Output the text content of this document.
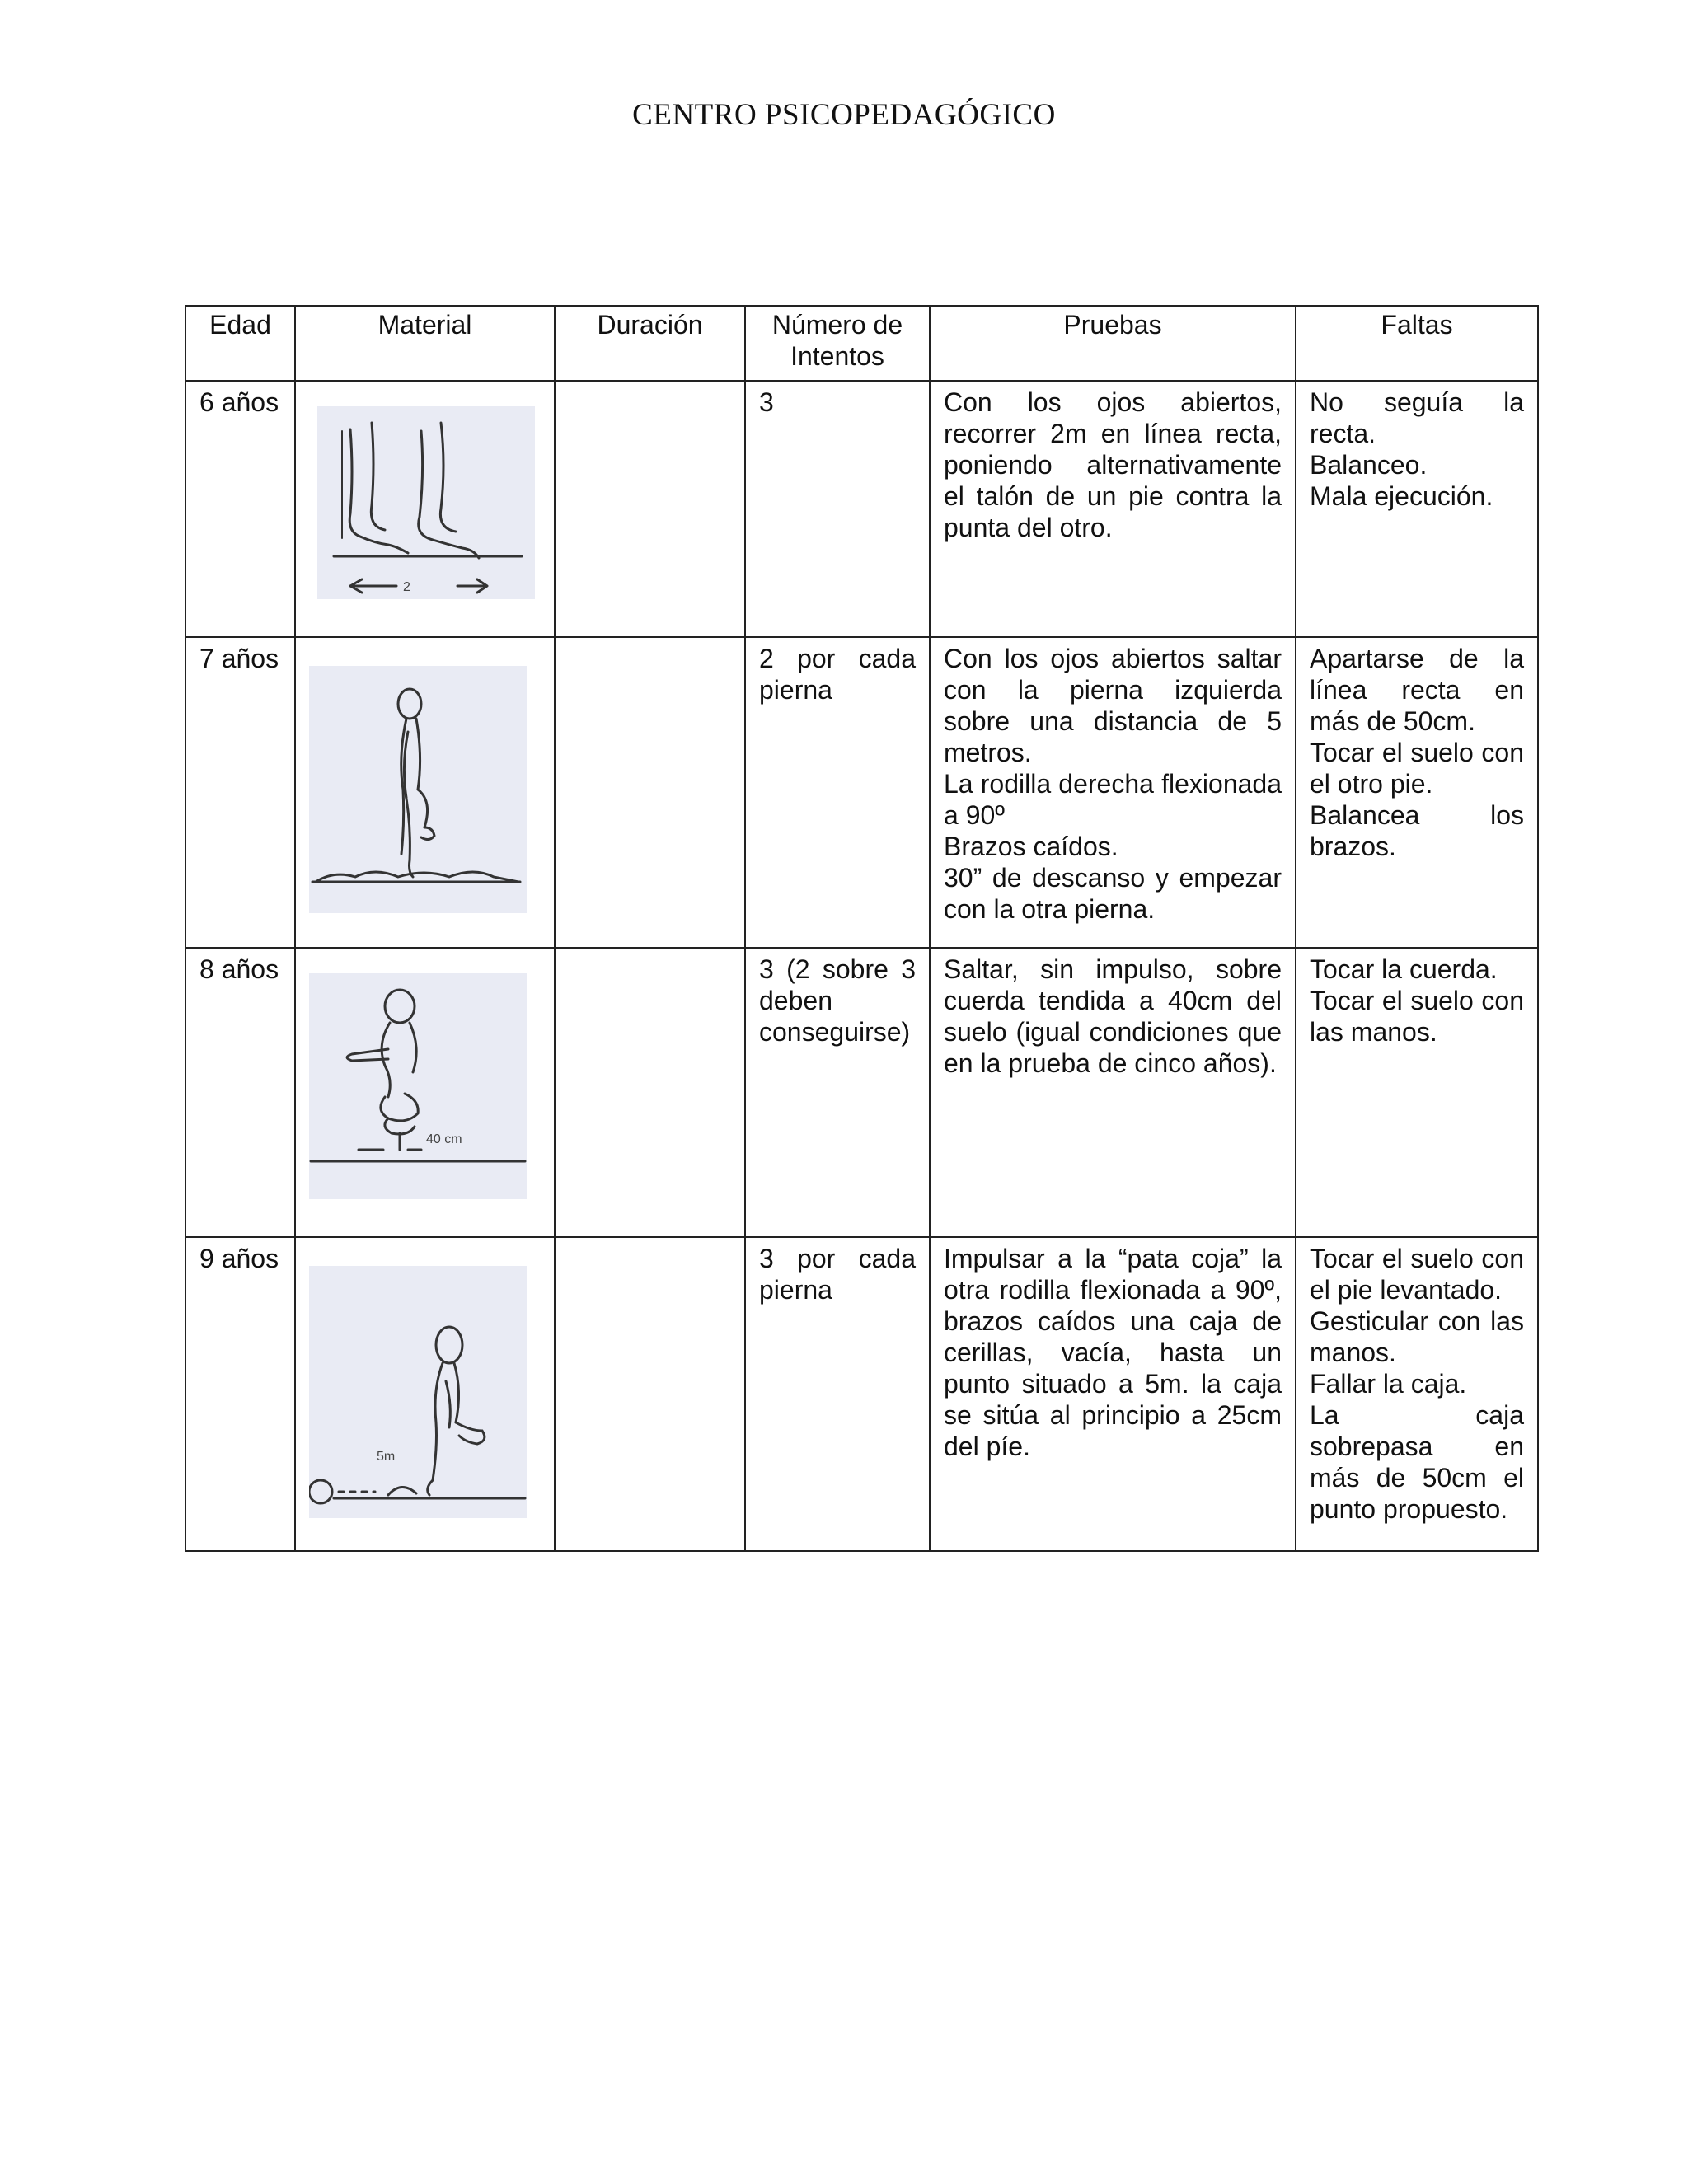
CENTRO PSICOPEDAGÓGICO
Edad	Material	Duración	Número de Intentos	Pruebas	Faltas
6 años	2		3	Con los ojos abiertos, recorrer 2m en línea recta, poniendo alternativamente el talón de un pie contra la punta del otro.	No seguía la recta.
Balanceo.
Mala ejecución.

7 años			2 por cada pierna	Con los ojos abiertos saltar con la pierna izquierda sobre una distancia de 5 metros.
La rodilla derecha flexionada a 90º
Brazos caídos.
30” de descanso y empezar con la otra pierna.	Apartarse de la línea recta en más de 50cm.
Tocar el suelo con el otro pie.
Balancea los brazos.

8 años	40 cm		3 (2 sobre 3 deben conseguirse)	Saltar, sin impulso, sobre cuerda tendida a 40cm del suelo (igual condiciones que en la prueba de cinco años).	Tocar la cuerda.
Tocar el suelo con las manos.

9 años	5m		3 por cada pierna	Impulsar a la “pata coja” la otra rodilla flexionada a 90º, brazos caídos una caja de cerillas, vacía, hasta un punto situado a 5m. la caja se sitúa al principio a 25cm del píe.	Tocar el suelo con el pie levantado.
Gesticular con las manos.
Fallar la caja.
La caja sobrepasa en más de 50cm el punto propuesto.
